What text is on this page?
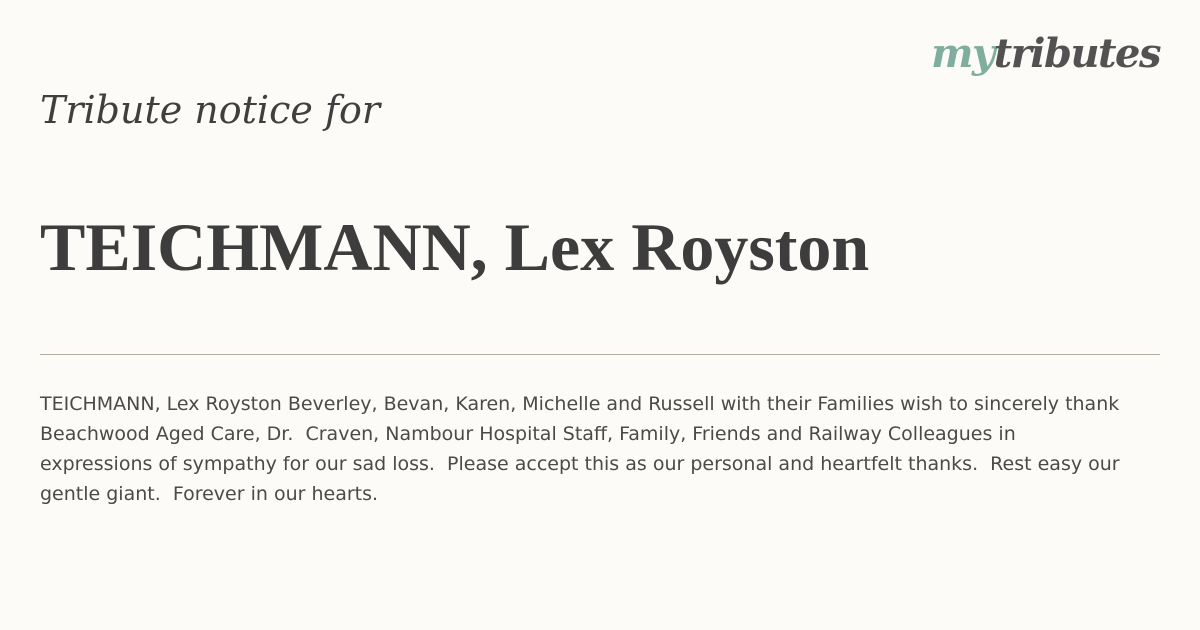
mytributes
Tribute notice for
TEICHMANN, Lex Royston

TEICHMANN, Lex Royston Beverley, Bevan, Karen, Michelle and Russell with their Families wish to sincerely thank Beachwood Aged Care, Dr.  Craven, Nambour Hospital Staff, Family, Friends and Railway Colleagues in expressions of sympathy for our sad loss.  Please accept this as our personal and heartfelt thanks.  Rest easy our gentle giant.  Forever in our hearts.
